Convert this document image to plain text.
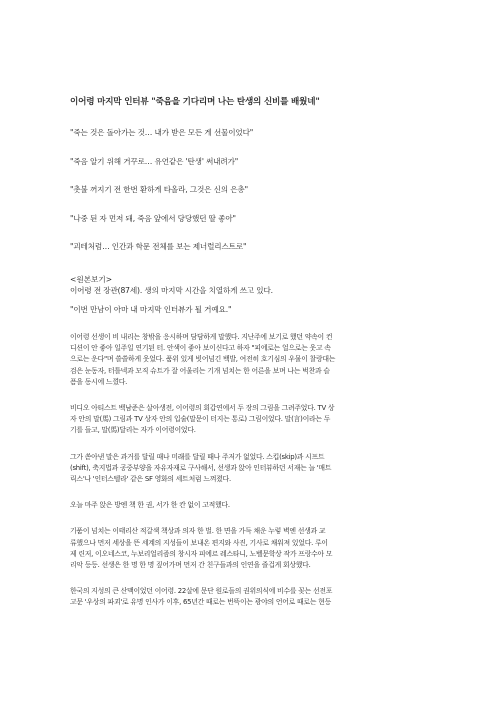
이어령 마지막 인터뷰 "죽음을 기다리며 나는 탄생의 신비를 배웠네"
"죽는 것은 돌아가는 것… 내가 받은 모든 게 선물이었다"
"죽음 알기 위해 거꾸로… 유언같은 '탄생' 써내려가"
"촛불 꺼지기 전 한번 환하게 타올라, 그것은 신의 은총"
"나중 된 자 먼저 돼, 죽음 앞에서 당당했던 딸 좋아"
"괴테처럼… 인간과 학문 전체를 보는 제너럴리스트로"
<원본보기>
이어령 전 장관(87세). 생의 마지막 시간을 치열하게 쓰고 있다.
"이번 만남이 아마 내 마지막 인터뷰가 될 거예요."
이어령 선생이 비 내리는 창밖을 응시하며 담담하게 말했다. 지난주에 보기로 했던 약속이 컨
디션이 안 좋아 일주일 연기된 터. 안색이 좋아 보이신다고 하자 "피에로는 얼으로는 웃고 속
으로는 운다"며 쓸쓸하게 웃었다. 품위 있게 빗어넘긴 백발, 여전히 호기심의 우물이 찰랑대는
검은 눈동자, 터틀넥과 모직 슈트가 잘 어울리는 기개 넘치는 한 어른을 보며 나는 벅찬과 슬
픔을 동시에 느꼈다.
비디오 아티스트 백남준은 살아생전, 이어령의 회갑연에서 두 장의 그림을 그려주었다. TV 상
자 안의 말(馬) 그림과 TV 상자 안의 입술(말문이 터지는 통로) 그림이었다. 말(言)이라는 두
기를 들고, 말(馬)달리는 자가 이어령이었다.
그가 쏟아낸 말은 과거를 달릴 때나 미래를 달릴 때나 주저가 없었다. 스킵(skip)과 시프트
(shift), 축지법과 공중부양을 자유자재로 구사해서, 선생과 앉아 인터뷰하던 서재는 늘 '매트
릭스'나 '인터스텔라' 같은 SF 영화의 세트처럼 느껴졌다.
오늘 마주 앉은 방엔 책 한 권, 서가 한 칸 없이 고적했다.
기품이 넘치는 이태리산 적갈색 책상과 의자 한 벌. 한 면을 가득 채운 누렇 벽엔 선생과 교
류했으나 먼저 세상을 뜬 세계의 지성들이 보내온 편지와 사진, 기사로 채워져 있었다. 루이
제 린저, 이오네스코, 누보리얼리즘의 창시자 피에르 레스타니, 노벨문학상 작가 프랑수아 모
리악 등등. 선생은 한 명 한 명 짚어가며 먼저 간 친구들과의 인연을 즐겁게 회상했다.
한국의 지성의 큰 산맥이었던 이어령. 22살에 문단 원로들의 권위의식에 비수를 꽂는 선전포
고문 '우상의 파괴'로 유명 인사가 이후, 65년간 때로는 번뜩이는 광야의 언어로 때로는 현등
